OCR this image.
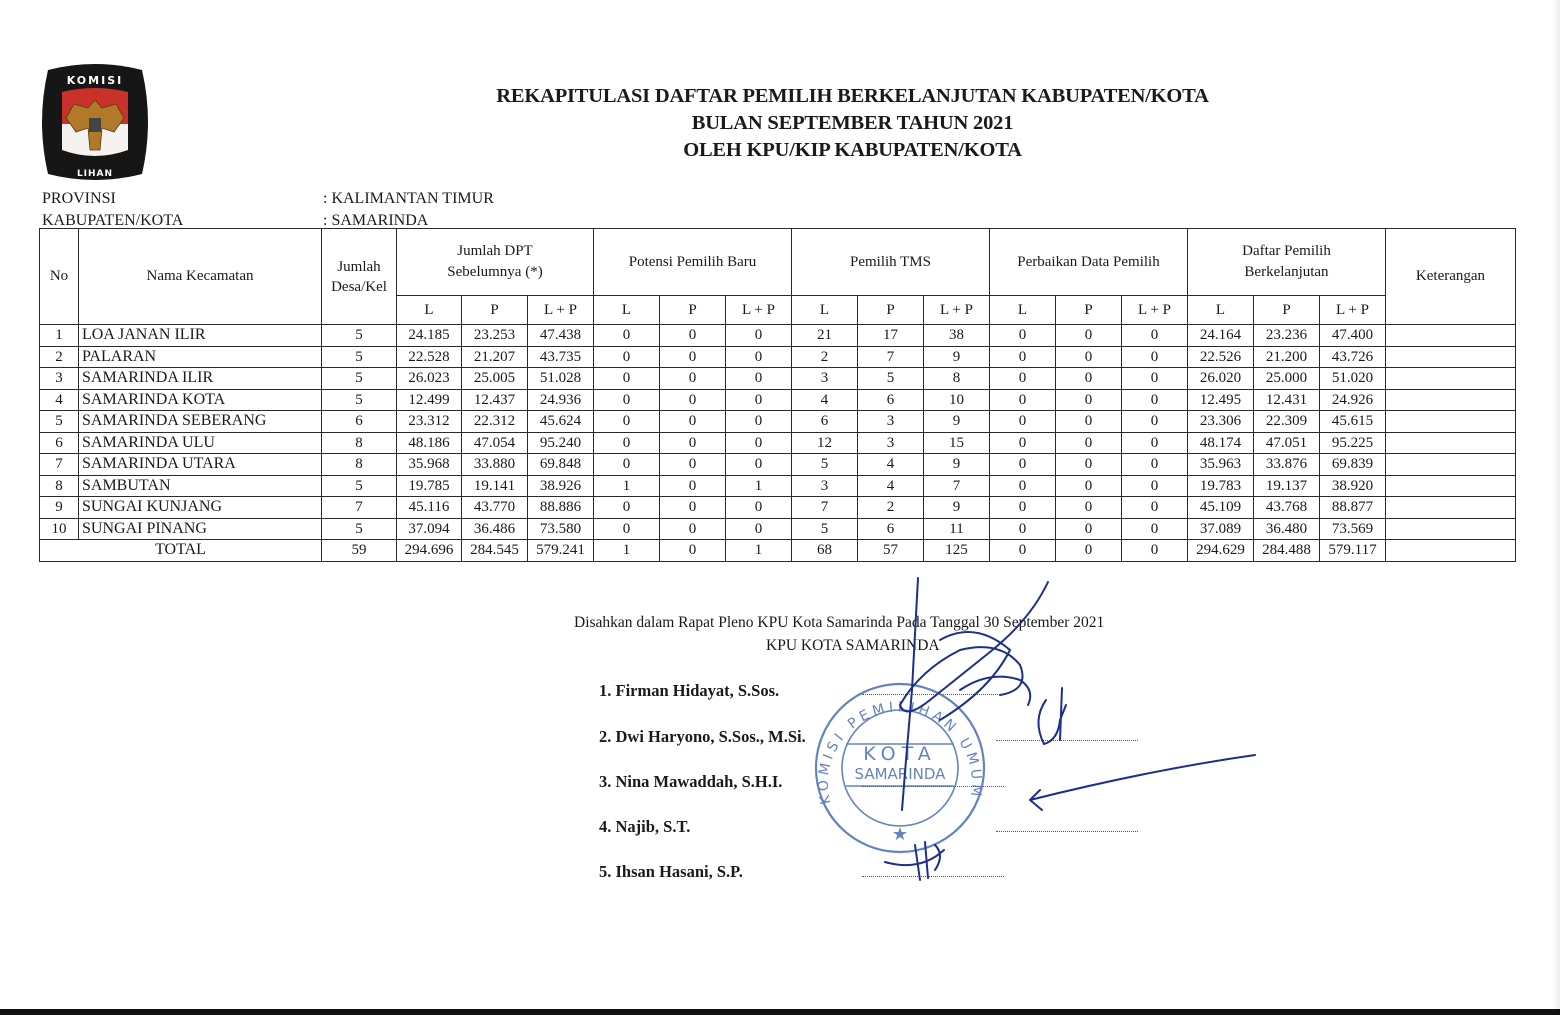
KOMISI
LIHAN
REKAPITULASI DAFTAR PEMILIH BERKELANJUTAN KABUPATEN/KOTA
BULAN SEPTEMBER TAHUN 2021
OLEH KPU/KIP KABUPATEN/KOTA
PROVINSI	: KALIMANTAN TIMUR
KABUPATEN/KOTA	: SAMARINDA
No	Nama Kecamatan	Jumlah Desa/Kel	Jumlah DPT Sebelumnya (*)			Potensi Pemilih Baru			Pemilih TMS			Perbaikan Data Pemilih			Daftar Pemilih Berkelanjutan			Keterangan
			L	P	L + P	L	P	L + P	L	P	L + P	L	P	L + P	L	P	L + P	
1	LOA JANAN ILIR	5	24.185	23.253	47.438	0	0	0	21	17	38	0	0	0	24.164	23.236	47.400	
2	PALARAN	5	22.528	21.207	43.735	0	0	0	2	7	9	0	0	0	22.526	21.200	43.726	
3	SAMARINDA ILIR	5	26.023	25.005	51.028	0	0	0	3	5	8	0	0	0	26.020	25.000	51.020	
4	SAMARINDA KOTA	5	12.499	12.437	24.936	0	0	0	4	6	10	0	0	0	12.495	12.431	24.926	
5	SAMARINDA SEBERANG	6	23.312	22.312	45.624	0	0	0	6	3	9	0	0	0	23.306	22.309	45.615	
6	SAMARINDA ULU	8	48.186	47.054	95.240	0	0	0	12	3	15	0	0	0	48.174	47.051	95.225	
7	SAMARINDA UTARA	8	35.968	33.880	69.848	0	0	0	5	4	9	0	0	0	35.963	33.876	69.839	
8	SAMBUTAN	5	19.785	19.141	38.926	1	0	1	3	4	7	0	0	0	19.783	19.137	38.920	
9	SUNGAI KUNJANG	7	45.116	43.770	88.886	0	0	0	7	2	9	0	0	0	45.109	43.768	88.877	
10	SUNGAI PINANG	5	37.094	36.486	73.580	0	0	0	5	6	11	0	0	0	37.089	36.480	73.569	
TOTAL		59	294.696	284.545	579.241	1	0	1	68	57	125	0	0	0	294.629	284.488	579.117	
Disahkan dalam Rapat Pleno KPU Kota Samarinda Pada Tanggal 30 September 2021
KPU KOTA SAMARINDA
1. Firman Hidayat, S.Sos.
2. Dwi Haryono, S.Sos., M.Si.
3. Nina Mawaddah, S.H.I.
4. Najib, S.T.
5. Ihsan Hasani, S.P.
KOMISI PEMILIHAN UMUM
KOTA
SAMARINDA
★
